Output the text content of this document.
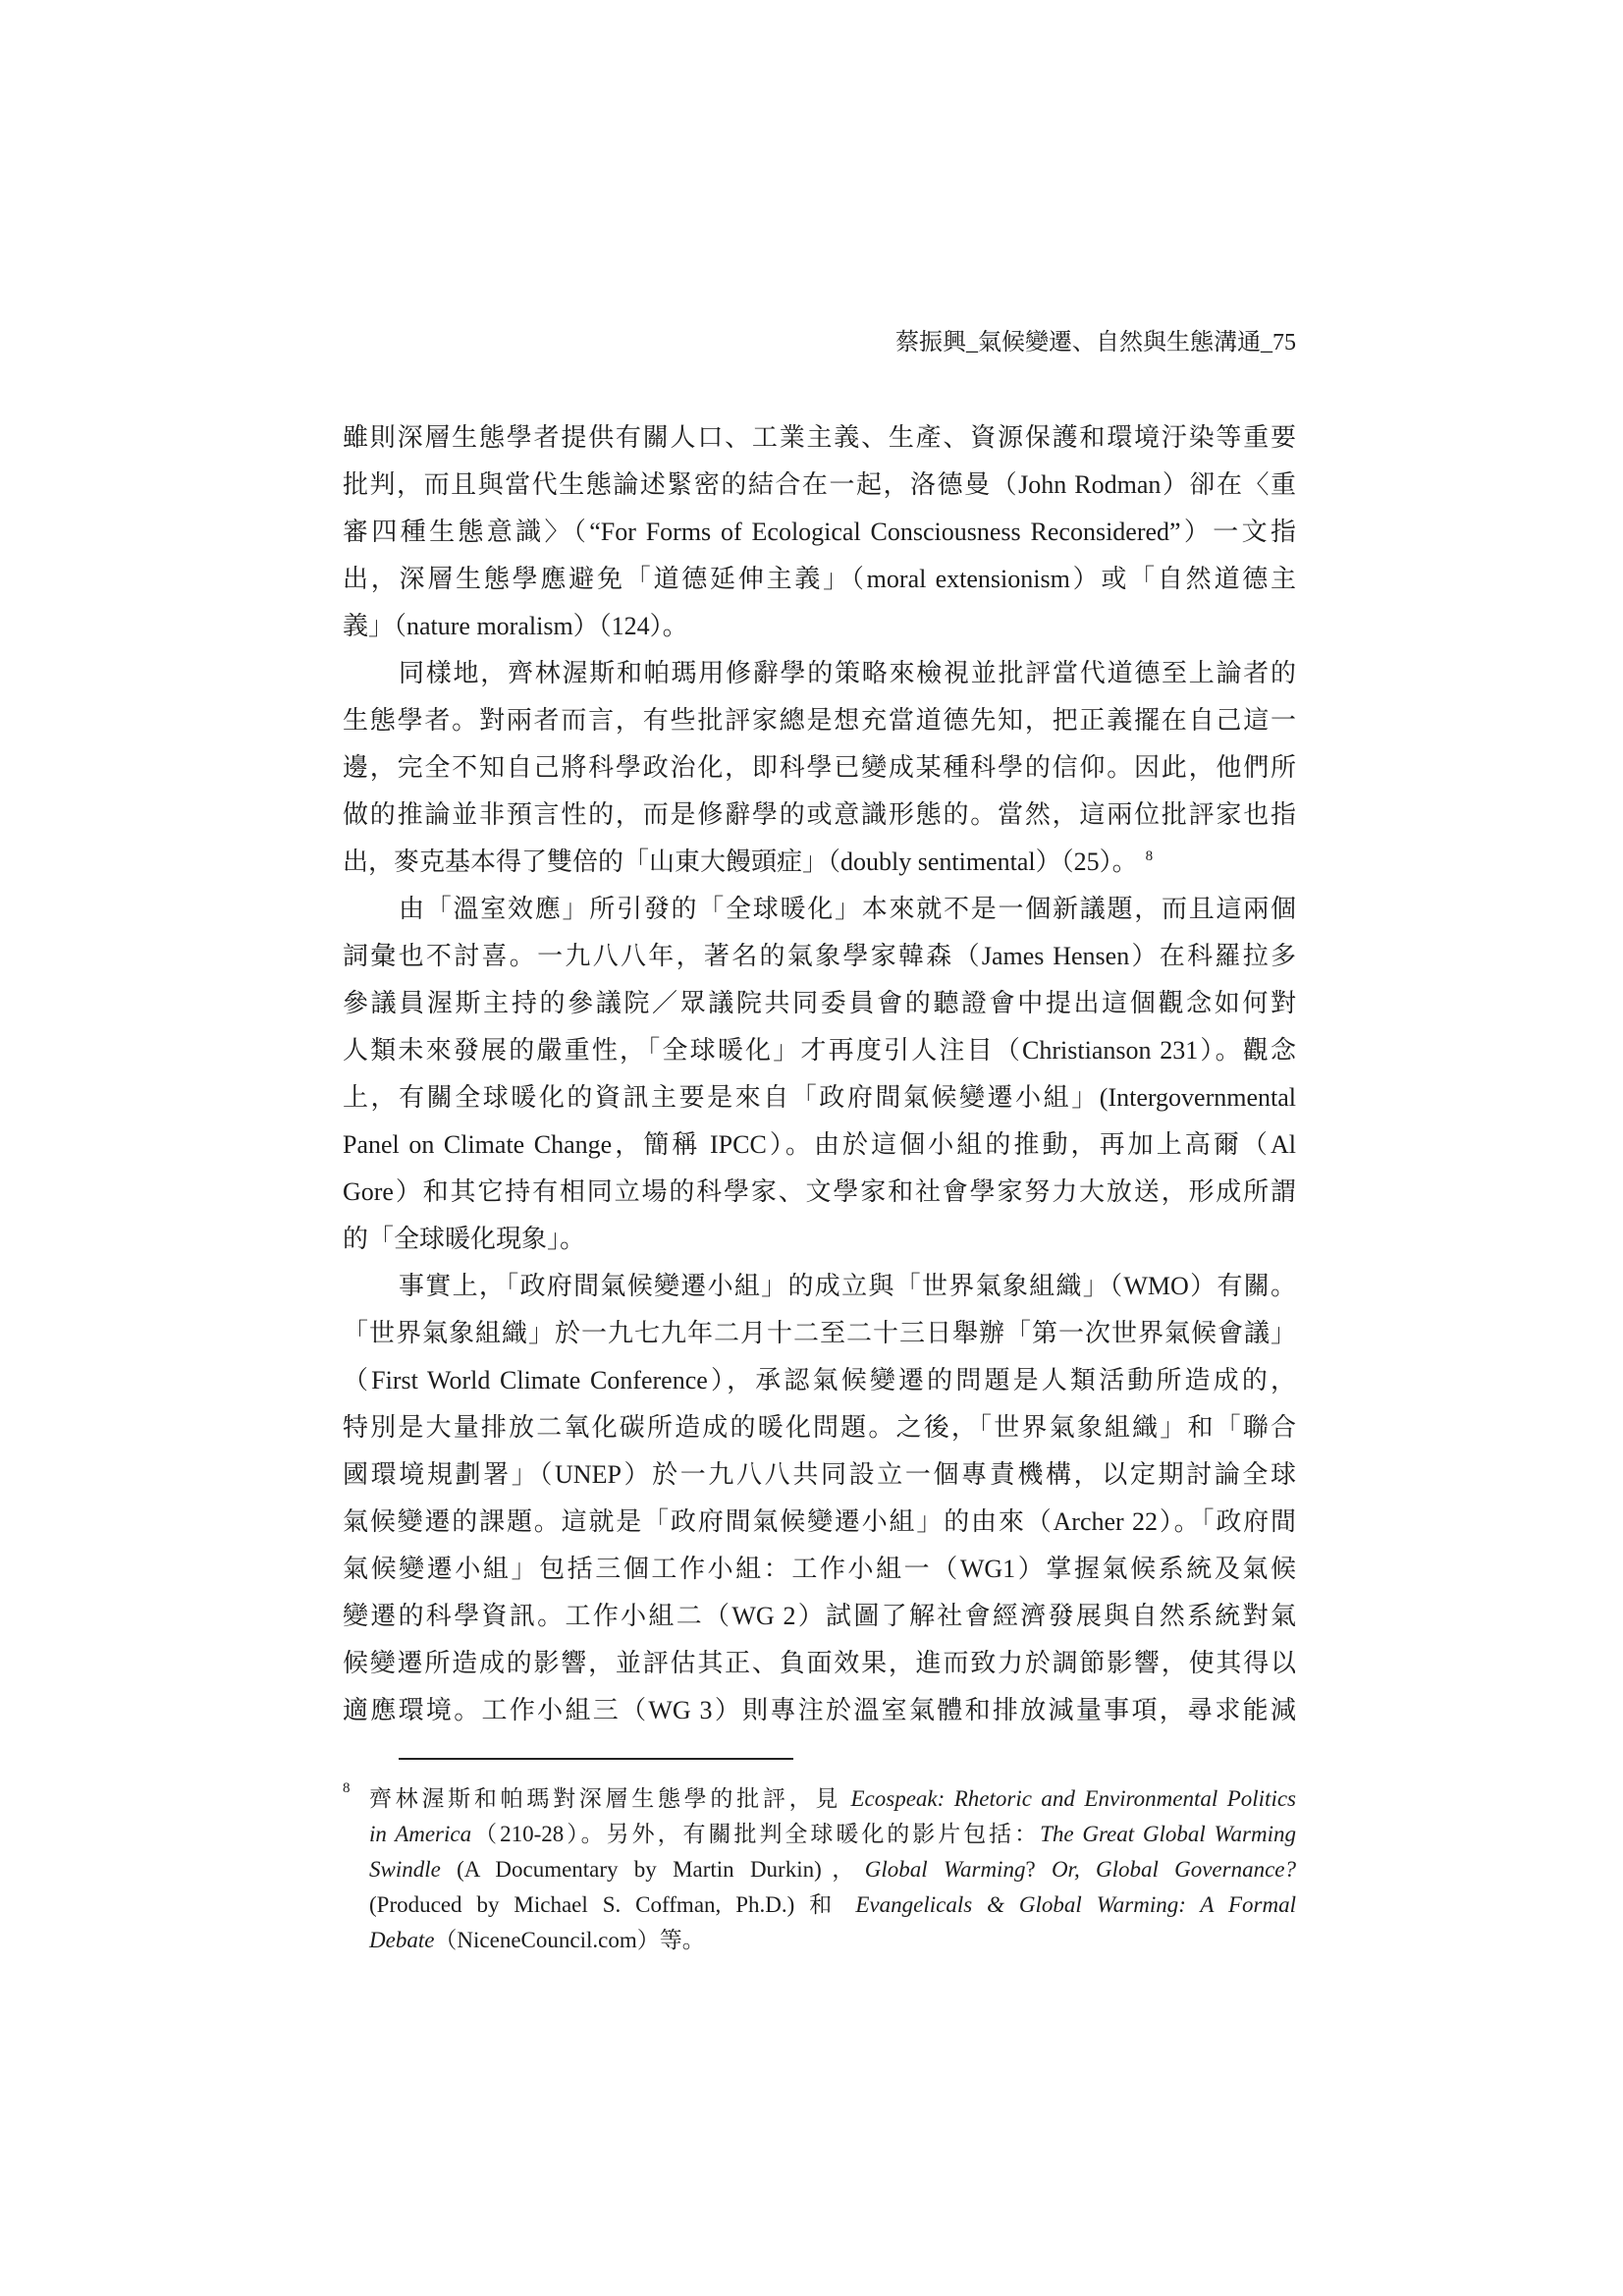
蔡振興_氣候變遷、自然與生態溝通_75
雖則深層生態學者提供有關人口、工業主義、生產、資源保護和環境汙染等重要
批判，而且與當代生態論述緊密的結合在一起，洛德曼（John Rodman）卻在〈重
審四種生態意識〉（“For Forms of Ecological Consciousness Reconsidered”）一文指
出，深層生態學應避免「道德延伸主義」（moral extensionism）或「自然道德主
義」（nature moralism）（124）。
同樣地，齊林渥斯和帕瑪用修辭學的策略來檢視並批評當代道德至上論者的
生態學者。對兩者而言，有些批評家總是想充當道德先知，把正義擺在自己這一
邊，完全不知自己將科學政治化，即科學已變成某種科學的信仰。因此，他們所
做的推論並非預言性的，而是修辭學的或意識形態的。當然，這兩位批評家也指
出，麥克基本得了雙倍的「山東大饅頭症」（doubly sentimental）（25）。 $^8$
由「溫室效應」所引發的「全球暖化」本來就不是一個新議題，而且這兩個
詞彙也不討喜。一九八八年，著名的氣象學家韓森（James Hensen）在科羅拉多
參議員渥斯主持的參議院／眾議院共同委員會的聽證會中提出這個觀念如何對
人類未來發展的嚴重性，「全球暖化」才再度引人注目（Christianson 231）。觀念
上，有關全球暖化的資訊主要是來自「政府間氣候變遷小組」(Intergovernmental
Panel on Climate Change，簡稱 IPCC）。由於這個小組的推動，再加上高爾（Al
Gore）和其它持有相同立場的科學家、文學家和社會學家努力大放送，形成所謂
的「全球暖化現象」。
事實上，「政府間氣候變遷小組」的成立與「世界氣象組織」（WMO）有關。
「世界氣象組織」於一九七九年二月十二至二十三日舉辦「第一次世界氣候會議」
（First World Climate Conference），承認氣候變遷的問題是人類活動所造成的，
特別是大量排放二氧化碳所造成的暖化問題。之後，「世界氣象組織」和「聯合
國環境規劃署」（UNEP）於一九八八共同設立一個專責機構，以定期討論全球
氣候變遷的課題。這就是「政府間氣候變遷小組」的由來（Archer 22）。「政府間
氣候變遷小組」包括三個工作小組：工作小組一（WG1）掌握氣候系統及氣候
變遷的科學資訊。工作小組二（WG 2）試圖了解社會經濟發展與自然系統對氣
候變遷所造成的影響，並評估其正、負面效果，進而致力於調節影響，使其得以
適應環境。工作小組三（WG 3）則專注於溫室氣體和排放減量事項，尋求能減
8 齊林渥斯和帕瑪對深層生態學的批評，見 Ecospeak: Rhetoric and Environmental Politics
in America（210-28）。另外，有關批判全球暖化的影片包括：The Great Global Warming
Swindle (A Documentary by Martin Durkin)，Global Warming? Or, Global Governance?
(Produced by Michael S. Coffman, Ph.D.) 和 Evangelicals & Global Warming: A Formal
Debate（NiceneCouncil.com）等。
